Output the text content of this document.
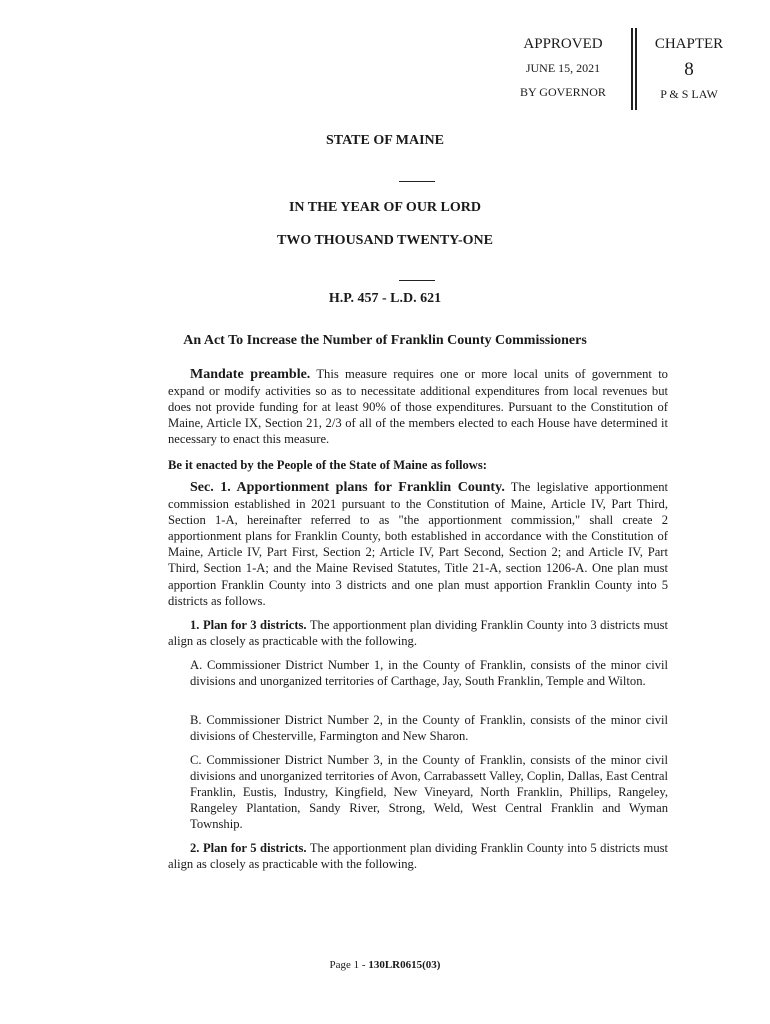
APPROVED
JUNE 15, 2021
BY GOVERNOR
CHAPTER
8
P & S LAW
STATE OF MAINE
IN THE YEAR OF OUR LORD
TWO THOUSAND TWENTY-ONE
H.P. 457 - L.D. 621
An Act To Increase the Number of Franklin County Commissioners
Mandate preamble. This measure requires one or more local units of government to expand or modify activities so as to necessitate additional expenditures from local revenues but does not provide funding for at least 90% of those expenditures. Pursuant to the Constitution of Maine, Article IX, Section 21, 2/3 of all of the members elected to each House have determined it necessary to enact this measure.
Be it enacted by the People of the State of Maine as follows:
Sec. 1. Apportionment plans for Franklin County. The legislative apportionment commission established in 2021 pursuant to the Constitution of Maine, Article IV, Part Third, Section 1-A, hereinafter referred to as "the apportionment commission," shall create 2 apportionment plans for Franklin County, both established in accordance with the Constitution of Maine, Article IV, Part First, Section 2; Article IV, Part Second, Section 2; and Article IV, Part Third, Section 1-A; and the Maine Revised Statutes, Title 21-A, section 1206-A. One plan must apportion Franklin County into 3 districts and one plan must apportion Franklin County into 5 districts as follows.
1. Plan for 3 districts. The apportionment plan dividing Franklin County into 3 districts must align as closely as practicable with the following.
A. Commissioner District Number 1, in the County of Franklin, consists of the minor civil divisions and unorganized territories of Carthage, Jay, South Franklin, Temple and Wilton.
B. Commissioner District Number 2, in the County of Franklin, consists of the minor civil divisions of Chesterville, Farmington and New Sharon.
C. Commissioner District Number 3, in the County of Franklin, consists of the minor civil divisions and unorganized territories of Avon, Carrabassett Valley, Coplin, Dallas, East Central Franklin, Eustis, Industry, Kingfield, New Vineyard, North Franklin, Phillips, Rangeley, Rangeley Plantation, Sandy River, Strong, Weld, West Central Franklin and Wyman Township.
2. Plan for 5 districts. The apportionment plan dividing Franklin County into 5 districts must align as closely as practicable with the following.
Page 1 - 130LR0615(03)
